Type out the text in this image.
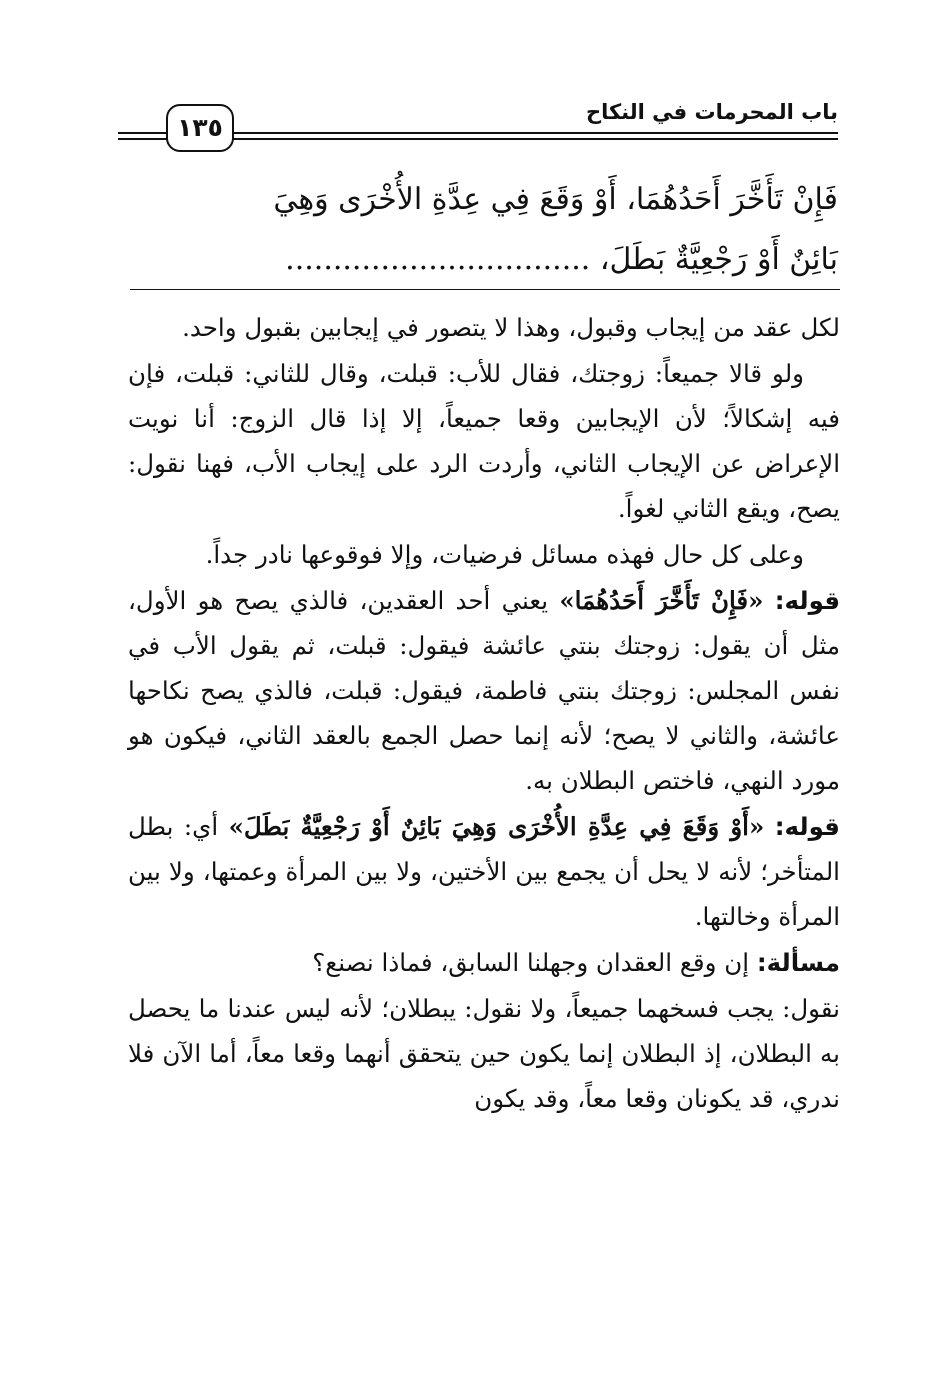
باب المحرمات في النكاح
١٣٥
فَإِنْ تَأَخَّرَ أَحَدُهُمَا، أَوْ وَقَعَ فِي عِدَّةِ الأُخْرَى وَهِيَ
بَائِنٌ أَوْ رَجْعِيَّةٌ بَطَلَ، ................................

لكل عقد من إيجاب وقبول، وهذا لا يتصور في إيجابين بقبول واحد.

ولو قالا جميعاً: زوجتك، فقال للأب: قبلت، وقال للثاني: قبلت، فإن فيه إشكالاً؛ لأن الإيجابين وقعا جميعاً، إلا إذا قال الزوج: أنا نويت الإعراض عن الإيجاب الثاني، وأردت الرد على إيجاب الأب، فهنا نقول: يصح، ويقع الثاني لغواً.

وعلى كل حال فهذه مسائل فرضيات، وإلا فوقوعها نادر جداً.

قوله: «فَإِنْ تَأَخَّرَ أَحَدُهُمَا» يعني أحد العقدين، فالذي يصح هو الأول، مثل أن يقول: زوجتك بنتي عائشة فيقول: قبلت، ثم يقول الأب في نفس المجلس: زوجتك بنتي فاطمة، فيقول: قبلت، فالذي يصح نكاحها عائشة، والثاني لا يصح؛ لأنه إنما حصل الجمع بالعقد الثاني، فيكون هو مورد النهي، فاختص البطلان به.

قوله: «أَوْ وَقَعَ فِي عِدَّةِ الأُخْرَى وَهِيَ بَائِنٌ أَوْ رَجْعِيَّةٌ بَطَلَ» أي: بطل المتأخر؛ لأنه لا يحل أن يجمع بين الأختين، ولا بين المرأة وعمتها، ولا بين المرأة وخالتها.

مسألة: إن وقع العقدان وجهلنا السابق، فماذا نصنع؟

نقول: يجب فسخهما جميعاً، ولا نقول: يبطلان؛ لأنه ليس عندنا ما يحصل به البطلان، إذ البطلان إنما يكون حين يتحقق أنهما وقعا معاً، أما الآن فلا ندري، قد يكونان وقعا معاً، وقد يكون
